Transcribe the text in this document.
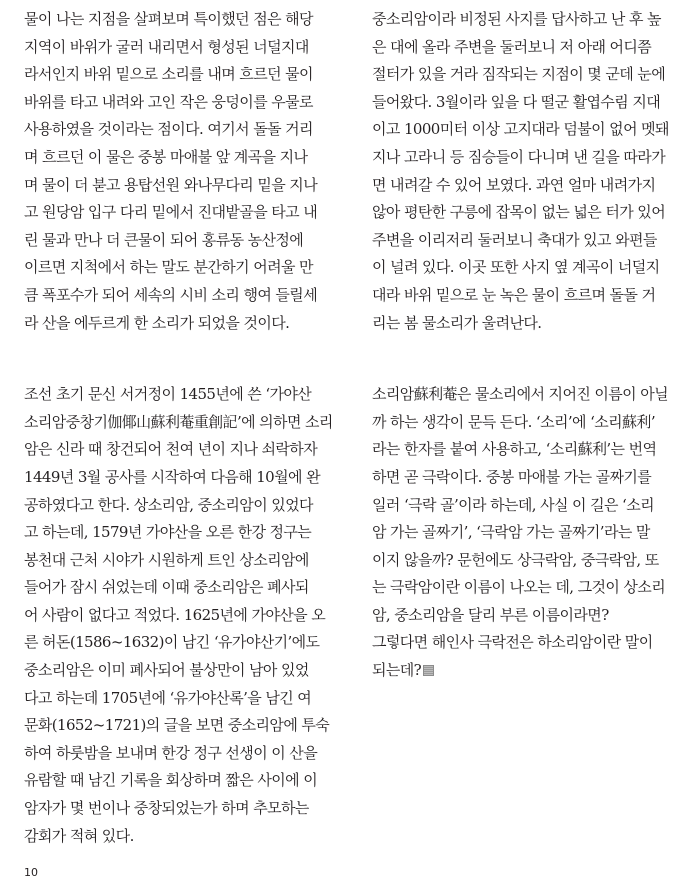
물이 나는 지점을 살펴보며 특이했던 점은 해당
지역이 바위가 굴러 내리면서 형성된 너덜지대
라서인지 바위 밑으로 소리를 내며 흐르던 물이
바위를 타고 내려와 고인 작은 웅덩이를 우물로
사용하였을 것이라는 점이다. 여기서 돌돌 거리
며 흐르던 이 물은 중봉 마애불 앞 계곡을 지나
며 물이 더 붇고 용탑선원 와나무다리 밑을 지나
고 원당암 입구 다리 밑에서 진대밭골을 타고 내
린 물과 만나 더 큰물이 되어 홍류동 농산정에
이르면 지척에서 하는 말도 분간하기 어려울 만
큼 폭포수가 되어 세속의 시비 소리 행여 들릴세
라 산을 에두르게 한 소리가 되었을 것이다.
조선 초기 문신 서거정이 1455년에 쓴 ‘가야산
소리암중창기伽倻山蘇利菴重創記’에 의하면 소리
암은 신라 때 창건되어 천여 년이 지나 쇠락하자
1449년 3월 공사를 시작하여 다음해 10월에 완
공하였다고 한다. 상소리암, 중소리암이 있었다
고 하는데, 1579년 가야산을 오른 한강 정구는
봉천대 근처 시야가 시원하게 트인 상소리암에
들어가 잠시 쉬었는데 이때 중소리암은 폐사되
어 사람이 없다고 적었다. 1625년에 가야산을 오
른 허돈(1586~1632)이 남긴 ‘유가야산기’에도
중소리암은 이미 폐사되어 불상만이 남아 있었
다고 하는데 1705년에 ‘유가야산록’을 남긴 여
문화(1652~1721)의 글을 보면 중소리암에 투숙
하여 하룻밤을 보내며 한강 정구 선생이 이 산을
유람할 때 남긴 기록을 회상하며 짧은 사이에 이
암자가 몇 번이나 중창되었는가 하며 추모하는
감회가 적혀 있다.
중소리암이라 비정된 사지를 답사하고 난 후 높
은 대에 올라 주변을 둘러보니 저 아래 어디쯤
절터가 있을 거라 짐작되는 지점이 몇 군데 눈에
들어왔다. 3월이라 잎을 다 떨군 활엽수림 지대
이고 1000미터 이상 고지대라 덤불이 없어 멧돼
지나 고라니 등 짐승들이 다니며 낸 길을 따라가
면 내려갈 수 있어 보였다. 과연 얼마 내려가지
않아 평탄한 구릉에 잡목이 없는 넓은 터가 있어
주변을 이리저리 둘러보니 축대가 있고 와편들
이 널려 있다. 이곳 또한 사지 옆 계곡이 너덜지
대라 바위 밑으로 눈 녹은 물이 흐르며 돌돌 거
리는 봄 물소리가 울려난다.
소리암蘇利菴은 물소리에서 지어진 이름이 아닐
까 하는 생각이 문득 든다. ‘소리’에 ‘소리蘇利’
라는 한자를 붙여 사용하고, ‘소리蘇利’는 번역
하면 곧 극락이다. 중봉 마애불 가는 골짜기를
일러 ‘극락 골’이라 하는데, 사실 이 길은 ‘소리
암 가는 골짜기’, ‘극락암 가는 골짜기’라는 말
이지 않을까? 문헌에도 상극락암, 중극락암, 또
는 극락암이란 이름이 나오는 데, 그것이 상소리
암, 중소리암을 달리 부른 이름이라면?
그렇다면 해인사 극락전은 하소리암이란 말이
되는데?
10
